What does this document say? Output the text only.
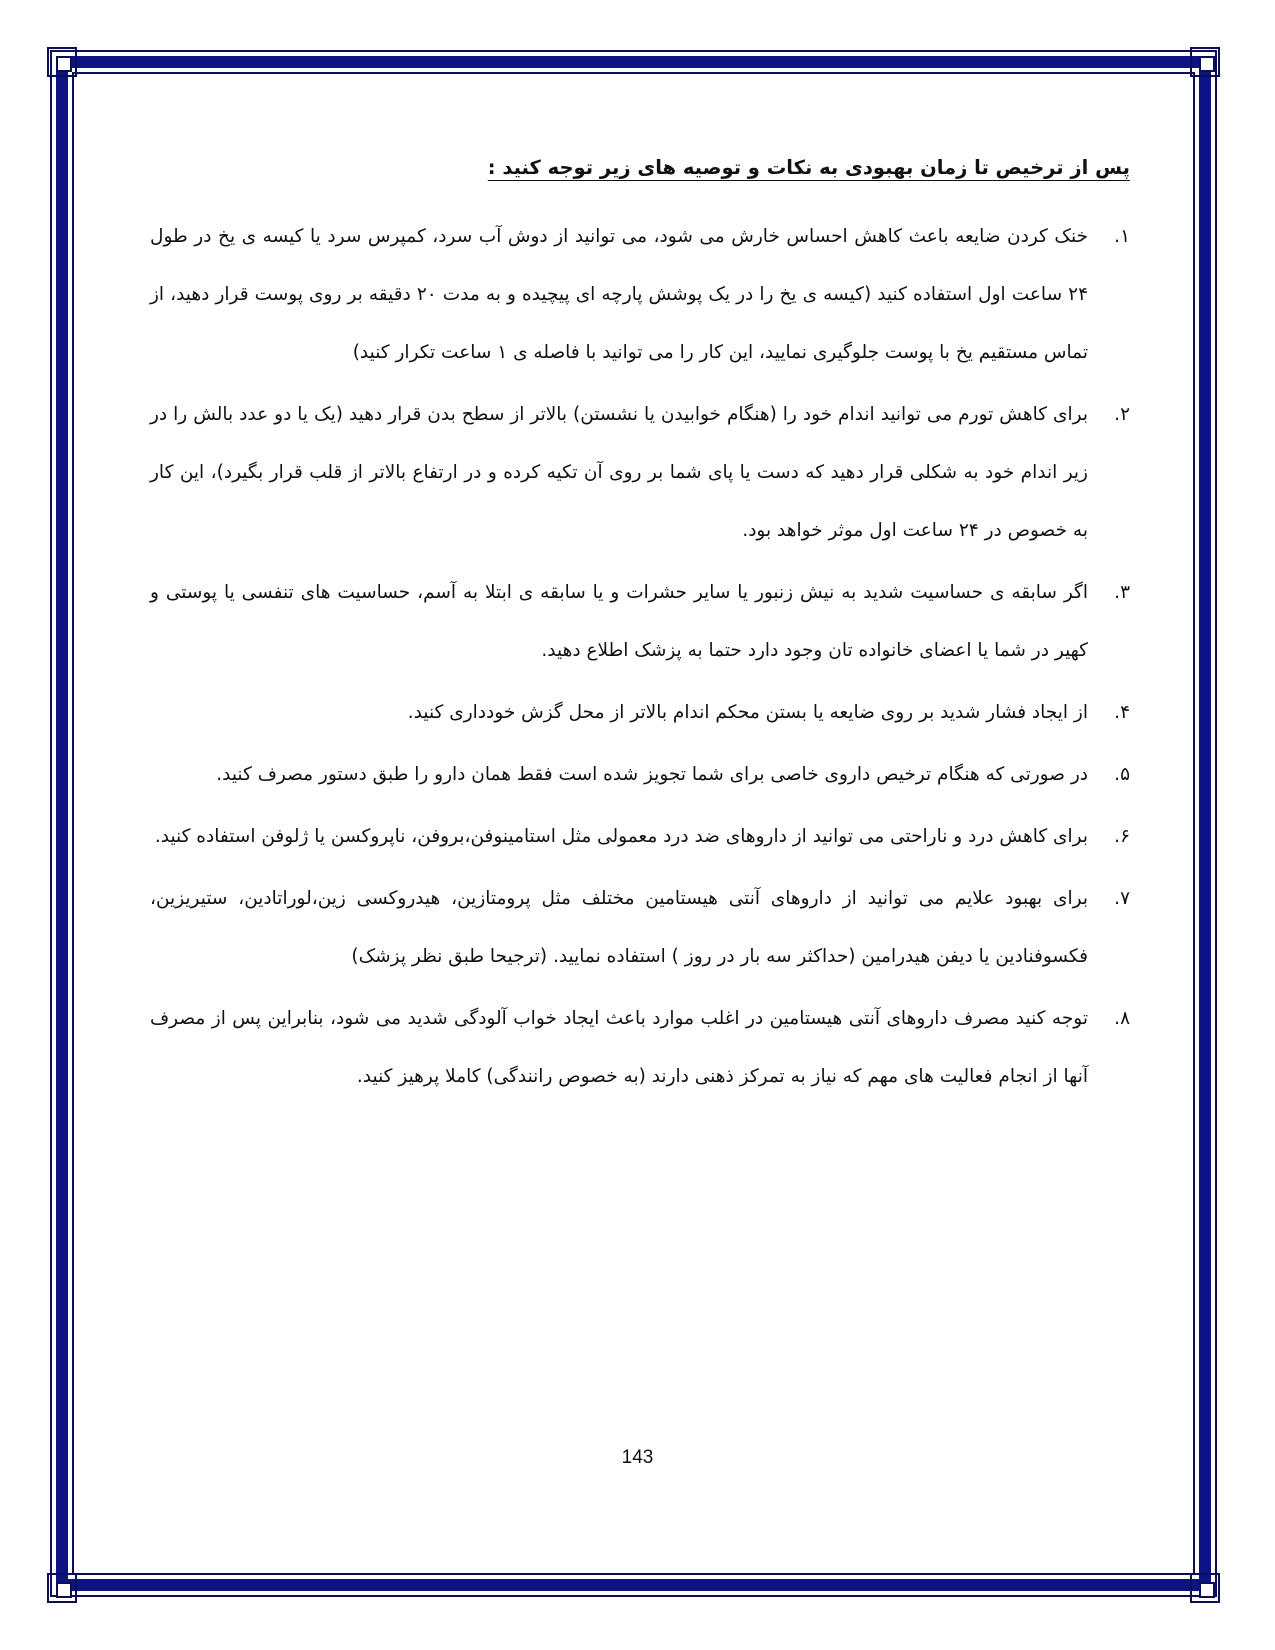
پس از ترخیص تا زمان بهبودی به نکات و توصیه های زیر توجه کنید :
۱.
خنک کردن ضایعه باعث کاهش احساس خارش می شود، می توانید از دوش آب سرد، کمپرس سرد یا کیسه ی یخ در طول ۲۴ ساعت اول استفاده کنید (کیسه ی یخ را در یک پوشش پارچه ای پیچیده و به مدت ۲۰ دقیقه بر روی پوست قرار دهید، از تماس مستقیم یخ با پوست جلوگیری نمایید، این کار را می توانید با فاصله ی ۱ ساعت تکرار کنید)
۲.
برای کاهش تورم می توانید اندام خود را (هنگام خوابیدن یا نشستن) بالاتر از سطح بدن قرار دهید (یک یا دو عدد بالش را در زیر اندام خود به شکلی قرار دهید که دست یا پای شما بر روی آن تکیه کرده و در ارتفاع بالاتر از قلب قرار بگیرد)، این کار به خصوص در ۲۴ ساعت اول موثر خواهد بود.
۳.
اگر سابقه ی حساسیت شدید به نیش زنبور یا سایر حشرات و یا سابقه ی ابتلا به آسم، حساسیت های تنفسی یا پوستی و کهیر در شما یا اعضای خانواده تان وجود دارد حتما به پزشک اطلاع دهید.
۴.
از ایجاد فشار شدید بر روی ضایعه یا بستن محکم اندام بالاتر از محل گزش خودداری کنید.
۵.
در صورتی که هنگام ترخیص داروی خاصی برای شما تجویز شده است فقط همان دارو را طبق دستور مصرف کنید.
۶.
برای کاهش درد و ناراحتی می توانید از داروهای ضد درد معمولی مثل استامینوفن،بروفن، ناپروکسن یا ژلوفن استفاده کنید.
۷.
برای بهبود علایم می توانید از داروهای آنتی هیستامین مختلف مثل پرومتازین، هیدروکسی زین،لوراتادین، ستیریزین، فکسوفنادین یا دیفن هیدرامین (حداکثر سه بار در روز ) استفاده نمایید. (ترجیحا طبق نظر پزشک)
۸.
توجه کنید مصرف داروهای آنتی هیستامین در اغلب موارد باعث ایجاد خواب آلودگی شدید می شود، بنابراین پس از مصرف آنها از انجام فعالیت های مهم که نیاز به تمرکز ذهنی دارند (به خصوص رانندگی) کاملا پرهیز کنید.
143
